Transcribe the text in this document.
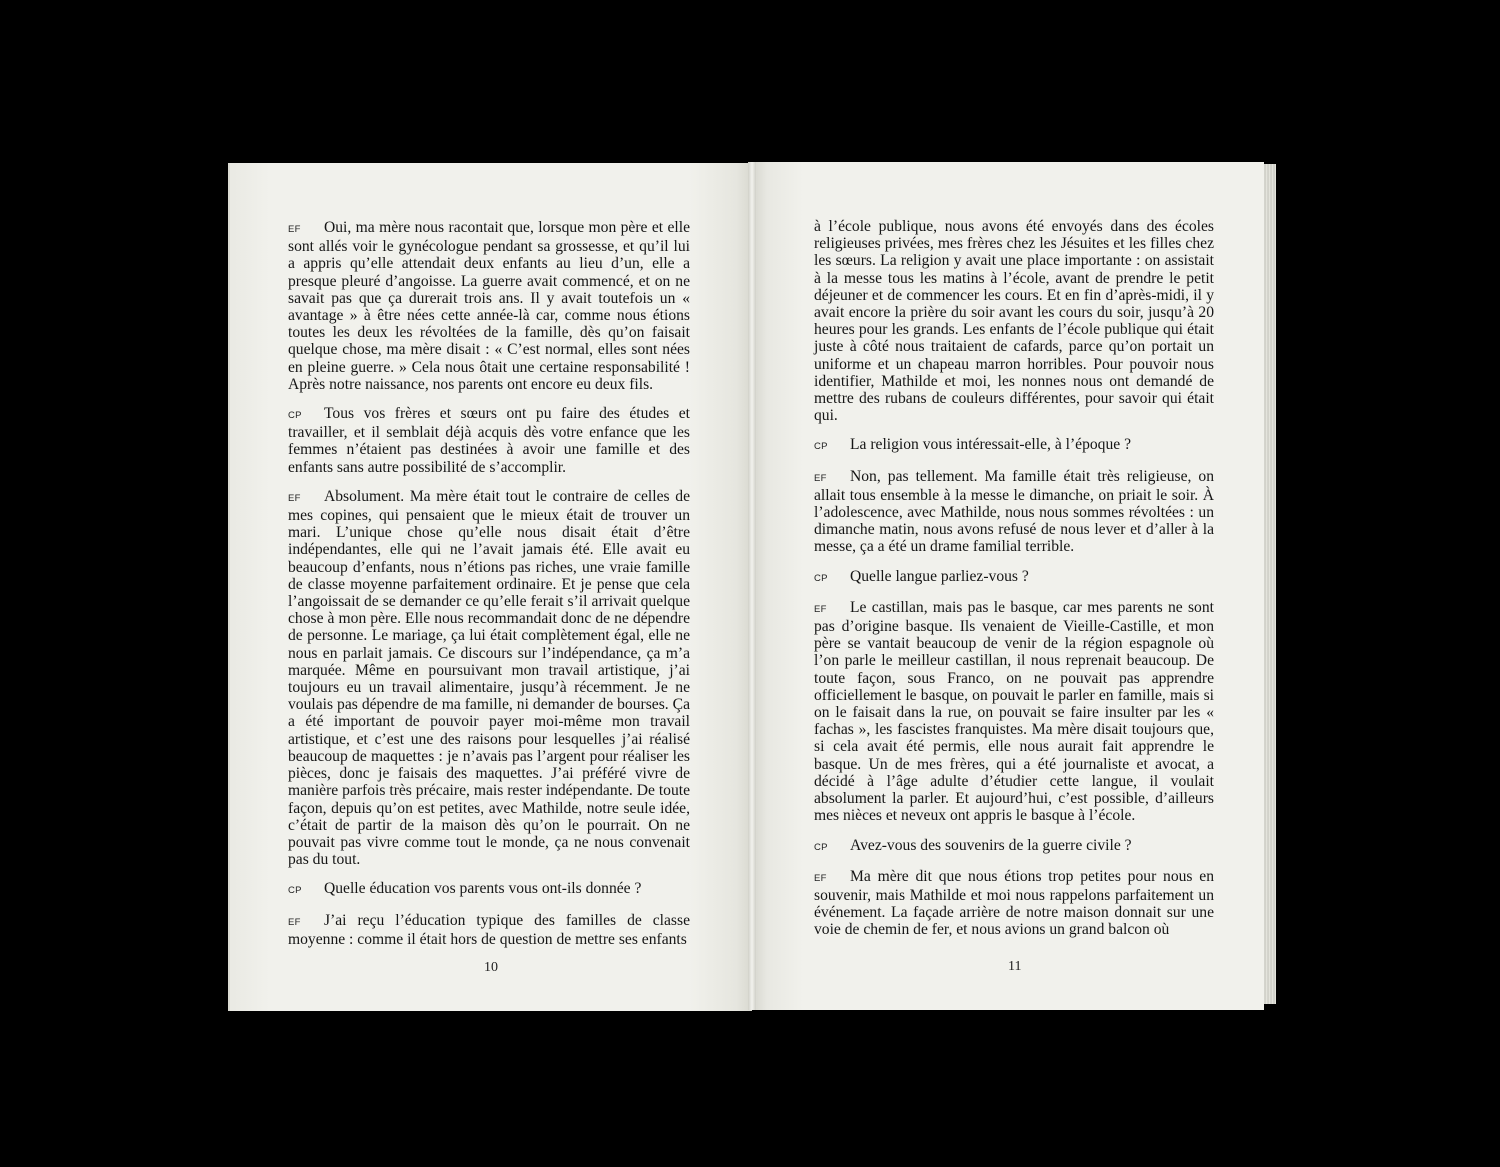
EF Oui, ma mère nous racontait que, lorsque mon père et elle sont allés voir le gynécologue pendant sa grossesse, et qu’il lui a appris qu’elle attendait deux enfants au lieu d’un, elle a presque pleuré d’angoisse. La guerre avait commencé, et on ne savait pas que ça durerait trois ans. Il y avait toutefois un « avantage » à être nées cette année-là car, comme nous étions toutes les deux les révoltées de la famille, dès qu’on faisait quelque chose, ma mère disait : « C’est normal, elles sont nées en pleine guerre. » Cela nous ôtait une certaine responsabilité ! Après notre naissance, nos parents ont encore eu deux fils.

CP Tous vos frères et sœurs ont pu faire des études et travailler, et il semblait déjà acquis dès votre enfance que les femmes n’étaient pas destinées à avoir une famille et des enfants sans autre possibilité de s’accomplir.

EF Absolument. Ma mère était tout le contraire de celles de mes copines, qui pensaient que le mieux était de trouver un mari. L’unique chose qu’elle nous disait était d’être indépendantes, elle qui ne l’avait jamais été. Elle avait eu beaucoup d’enfants, nous n’étions pas riches, une vraie famille de classe moyenne parfaitement ordinaire. Et je pense que cela l’angoissait de se demander ce qu’elle ferait s’il arrivait quelque chose à mon père. Elle nous recommandait donc de ne dépendre de personne. Le mariage, ça lui était complètement égal, elle ne nous en parlait jamais. Ce discours sur l’indépendance, ça m’a marquée. Même en poursuivant mon travail artistique, j’ai toujours eu un travail alimentaire, jusqu’à récemment. Je ne voulais pas dépendre de ma famille, ni demander de bourses. Ça a été important de pouvoir payer moi-même mon travail artistique, et c’est une des raisons pour lesquelles j’ai réalisé beaucoup de maquettes : je n’avais pas l’argent pour réaliser les pièces, donc je faisais des maquettes. J’ai préféré vivre de manière parfois très précaire, mais rester indépendante. De toute façon, depuis qu’on est petites, avec Mathilde, notre seule idée, c’était de partir de la maison dès qu’on le pourrait. On ne pouvait pas vivre comme tout le monde, ça ne nous convenait pas du tout.

CP Quelle éducation vos parents vous ont-ils donnée ?

EF J’ai reçu l’éducation typique des familles de classe moyenne : comme il était hors de question de mettre ses enfants

10

à l’école publique, nous avons été envoyés dans des écoles religieuses privées, mes frères chez les Jésuites et les filles chez les sœurs. La religion y avait une place importante : on assistait à la messe tous les matins à l’école, avant de prendre le petit déjeuner et de commencer les cours. Et en fin d’après-midi, il y avait encore la prière du soir avant les cours du soir, jusqu’à 20 heures pour les grands. Les enfants de l’école publique qui était juste à côté nous traitaient de cafards, parce qu’on portait un uniforme et un chapeau marron horribles. Pour pouvoir nous identifier, Mathilde et moi, les nonnes nous ont demandé de mettre des rubans de couleurs différentes, pour savoir qui était qui.

CP La religion vous intéressait-elle, à l’époque ?

EF Non, pas tellement. Ma famille était très religieuse, on allait tous ensemble à la messe le dimanche, on priait le soir. À l’adolescence, avec Mathilde, nous nous sommes révoltées : un dimanche matin, nous avons refusé de nous lever et d’aller à la messe, ça a été un drame familial terrible.

CP Quelle langue parliez-vous ?

EF Le castillan, mais pas le basque, car mes parents ne sont pas d’origine basque. Ils venaient de Vieille-Castille, et mon père se vantait beaucoup de venir de la région espagnole où l’on parle le meilleur castillan, il nous reprenait beaucoup. De toute façon, sous Franco, on ne pouvait pas apprendre officiellement le basque, on pouvait le parler en famille, mais si on le faisait dans la rue, on pouvait se faire insulter par les « fachas », les fascistes franquistes. Ma mère disait toujours que, si cela avait été permis, elle nous aurait fait apprendre le basque. Un de mes frères, qui a été journaliste et avocat, a décidé à l’âge adulte d’étudier cette langue, il voulait absolument la parler. Et aujourd’hui, c’est possible, d’ailleurs mes nièces et neveux ont appris le basque à l’école.

CP Avez-vous des souvenirs de la guerre civile ?

EF Ma mère dit que nous étions trop petites pour nous en souvenir, mais Mathilde et moi nous rappelons parfaitement un événement. La façade arrière de notre maison donnait sur une voie de chemin de fer, et nous avions un grand balcon où

11
